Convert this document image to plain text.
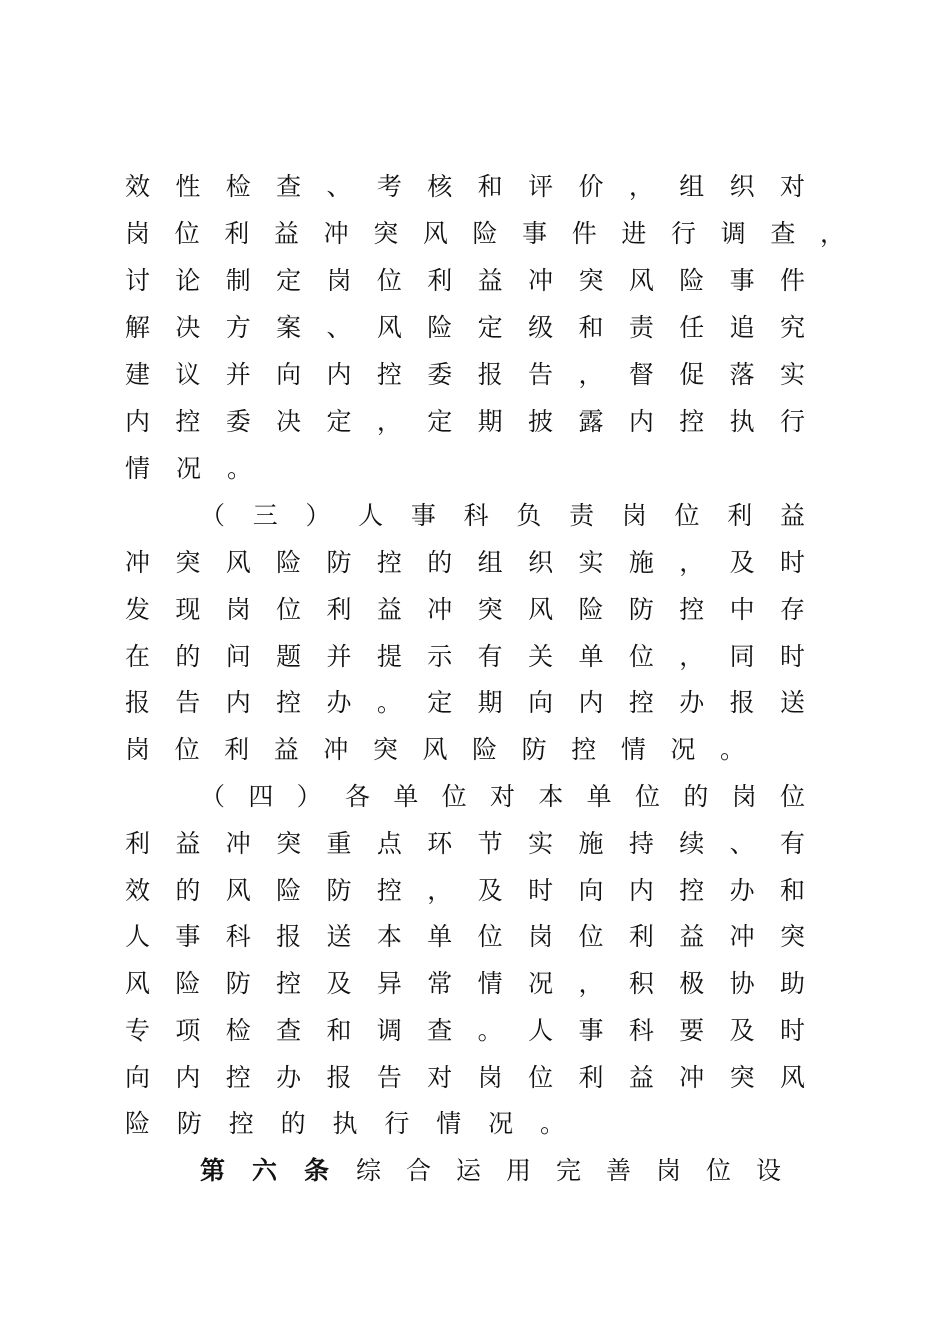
效性检查、考核和评价，组织对
岗位利益冲突风险事件进行调查，
讨论制定岗位利益冲突风险事件
解决方案、风险定级和责任追究
建议并向内控委报告，督促落实
内控委决定，定期披露内控执行
情况。
（三）人事科负责岗位利益
冲突风险防控的组织实施，及时
发现岗位利益冲突风险防控中存
在的问题并提示有关单位，同时
报告内控办。定期向内控办报送
岗位利益冲突风险防控情况。
（四）各单位对本单位的岗位
利益冲突重点环节实施持续、有
效的风险防控，及时向内控办和
人事科报送本单位岗位利益冲突
风险防控及异常情况，积极协助
专项检查和调查。人事科要及时
向内控办报告对岗位利益冲突风
险防控的执行情况。
第六条综合运用完善岗位设
